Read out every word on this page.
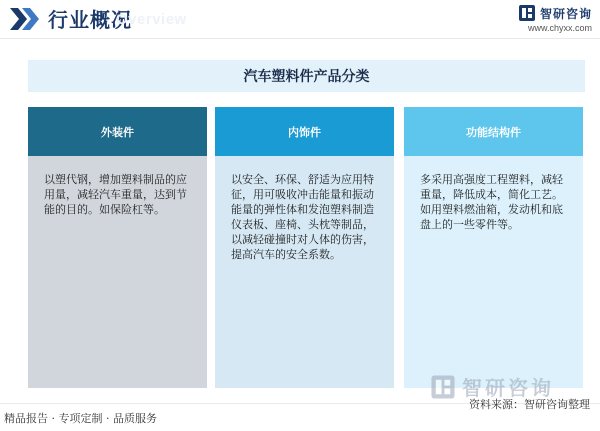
行业概况
Overview	智研咨询
www.chyxx.com
汽车塑料件产品分类
外装件
以塑代钢，增加塑料制品的应用量，减轻汽车重量，达到节能的目的。如保险杠等。
内饰件
以安全、环保、舒适为应用特征，用可吸收冲击能量和振动能量的弹性体和发泡塑料制造仪表板、座椅、头枕等制品，以减轻碰撞时对人体的伤害，提高汽车的安全系数。
功能结构件
多采用高强度工程塑料，减轻重量，降低成本，简化工艺。如用塑料燃油箱，发动机和底盘上的一些零件等。
智研咨询
精品报告 · 专项定制 · 品质服务
资料来源：智研咨询整理
